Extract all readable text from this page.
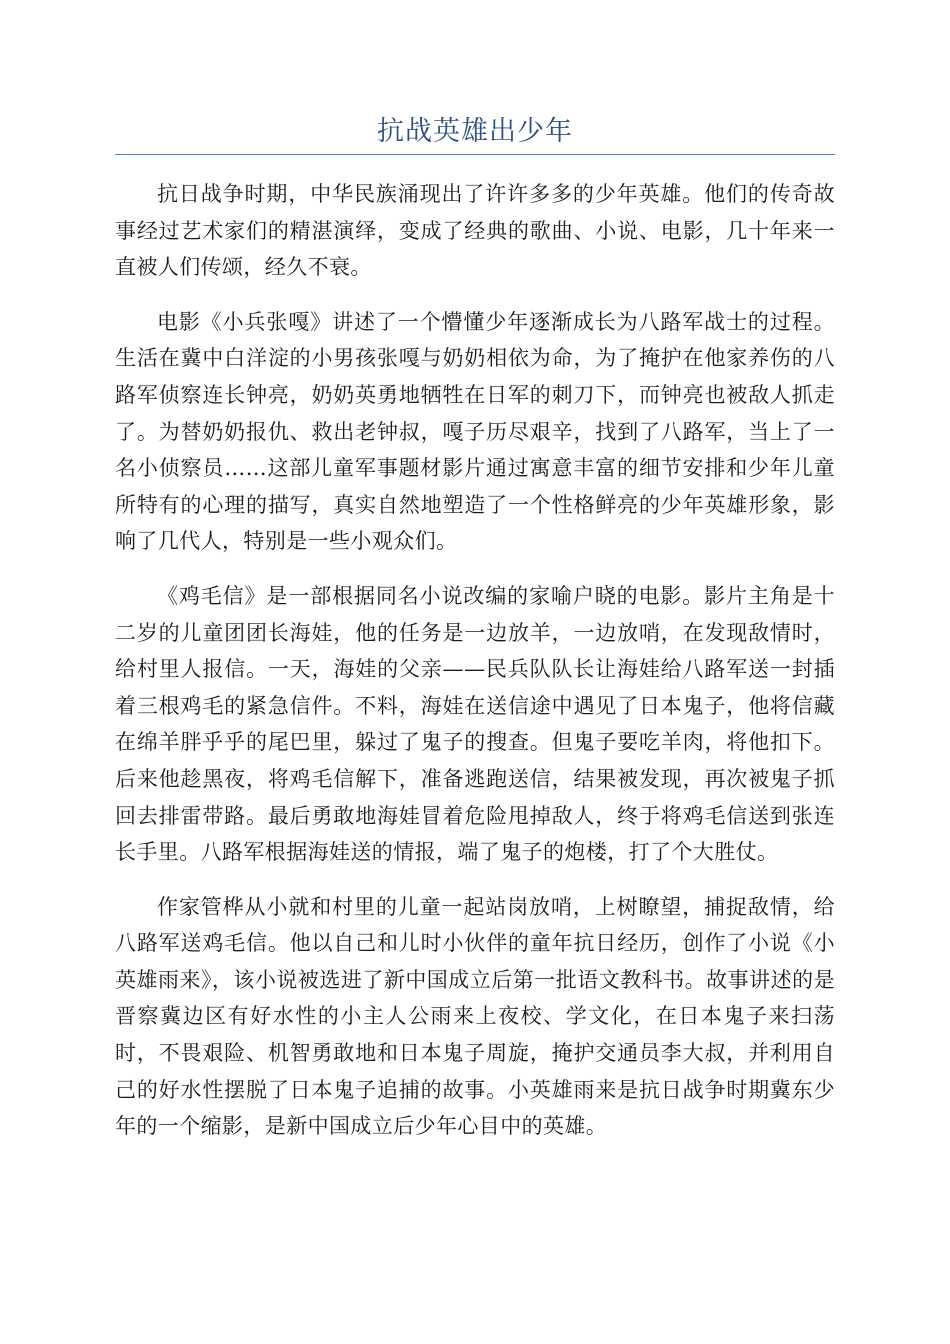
抗战英雄出少年

抗日战争时期，中华民族涌现出了许许多多的少年英雄。他们的传奇故事经过艺术家们的精湛演绎，变成了经典的歌曲、小说、电影，几十年来一直被人们传颂，经久不衰。

电影《小兵张嘎》讲述了一个懵懂少年逐渐成长为八路军战士的过程。生活在冀中白洋淀的小男孩张嘎与奶奶相依为命，为了掩护在他家养伤的八路军侦察连长钟亮，奶奶英勇地牺牲在日军的刺刀下，而钟亮也被敌人抓走了。为替奶奶报仇、救出老钟叔，嘎子历尽艰辛，找到了八路军，当上了一名小侦察员……这部儿童军事题材影片通过寓意丰富的细节安排和少年儿童所特有的心理的描写，真实自然地塑造了一个性格鲜亮的少年英雄形象，影响了几代人，特别是一些小观众们。

《鸡毛信》是一部根据同名小说改编的家喻户晓的电影。影片主角是十二岁的儿童团团长海娃，他的任务是一边放羊，一边放哨，在发现敌情时，给村里人报信。一天，海娃的父亲——民兵队队长让海娃给八路军送一封插着三根鸡毛的紧急信件。不料，海娃在送信途中遇见了日本鬼子，他将信藏在绵羊胖乎乎的尾巴里，躲过了鬼子的搜查。但鬼子要吃羊肉，将他扣下。后来他趁黑夜，将鸡毛信解下，准备逃跑送信，结果被发现，再次被鬼子抓回去排雷带路。最后勇敢地海娃冒着危险甩掉敌人，终于将鸡毛信送到张连长手里。八路军根据海娃送的情报，端了鬼子的炮楼，打了个大胜仗。

作家管桦从小就和村里的儿童一起站岗放哨，上树瞭望，捕捉敌情，给八路军送鸡毛信。他以自己和儿时小伙伴的童年抗日经历，创作了小说《小英雄雨来》，该小说被选进了新中国成立后第一批语文教科书。故事讲述的是晋察冀边区有好水性的小主人公雨来上夜校、学文化，在日本鬼子来扫荡时，不畏艰险、机智勇敢地和日本鬼子周旋，掩护交通员李大叔，并利用自己的好水性摆脱了日本鬼子追捕的故事。小英雄雨来是抗日战争时期冀东少年的一个缩影，是新中国成立后少年心目中的英雄。
